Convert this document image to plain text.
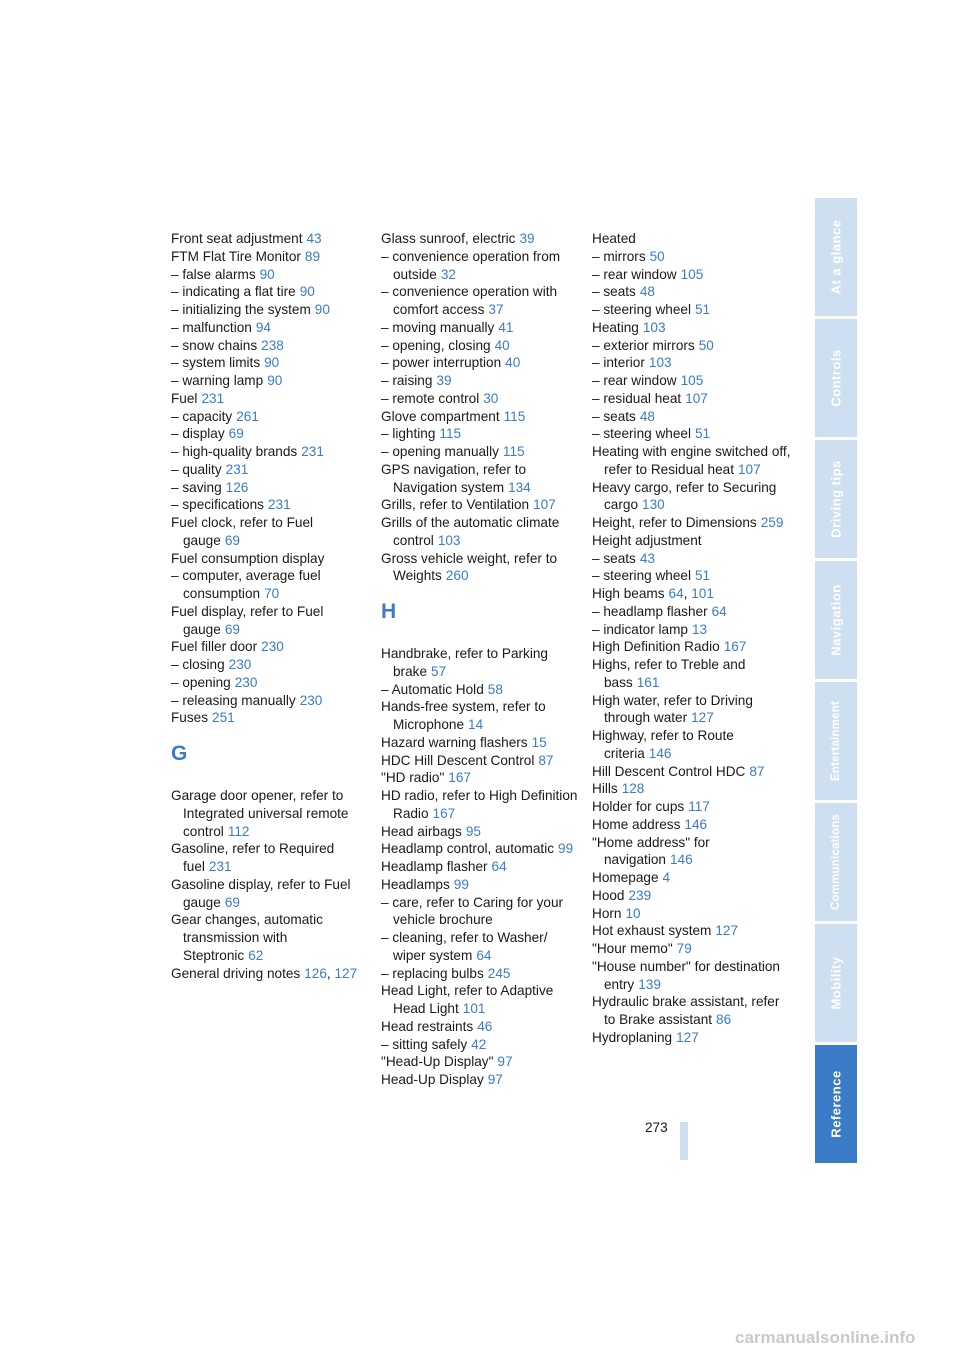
Front seat adjustment 43
FTM Flat Tire Monitor 89
– false alarms 90
– indicating a flat tire 90
– initializing the system 90
– malfunction 94
– snow chains 238
– system limits 90
– warning lamp 90
Fuel 231
– capacity 261
– display 69
– high-quality brands 231
– quality 231
– saving 126
– specifications 231
Fuel clock, refer to Fuel gauge 69
Fuel consumption display
– computer, average fuel consumption 70
Fuel display, refer to Fuel gauge 69
Fuel filler door 230
– closing 230
– opening 230
– releasing manually 230
Fuses 251
G
Garage door opener, refer to Integrated universal remote control 112
Gasoline, refer to Required fuel 231
Gasoline display, refer to Fuel gauge 69
Gear changes, automatic transmission with Steptronic 62
General driving notes 126, 127
Glass sunroof, electric 39
– convenience operation from outside 32
– convenience operation with comfort access 37
– moving manually 41
– opening, closing 40
– power interruption 40
– raising 39
– remote control 30
Glove compartment 115
– lighting 115
– opening manually 115
GPS navigation, refer to Navigation system 134
Grills, refer to Ventilation 107
Grills of the automatic climate control 103
Gross vehicle weight, refer to Weights 260
H
Handbrake, refer to Parking brake 57
– Automatic Hold 58
Hands-free system, refer to Microphone 14
Hazard warning flashers 15
HDC Hill Descent Control 87
"HD radio" 167
HD radio, refer to High Definition Radio 167
Head airbags 95
Headlamp control, automatic 99
Headlamp flasher 64
Headlamps 99
– care, refer to Caring for your vehicle brochure
– cleaning, refer to Washer/ wiper system 64
– replacing bulbs 245
Head Light, refer to Adaptive Head Light 101
Head restraints 46
– sitting safely 42
"Head-Up Display" 97
Head-Up Display 97
Heated
– mirrors 50
– rear window 105
– seats 48
– steering wheel 51
Heating 103
– exterior mirrors 50
– interior 103
– rear window 105
– residual heat 107
– seats 48
– steering wheel 51
Heating with engine switched off, refer to Residual heat 107
Heavy cargo, refer to Securing cargo 130
Height, refer to Dimensions 259
Height adjustment
– seats 43
– steering wheel 51
High beams 64, 101
– headlamp flasher 64
– indicator lamp 13
High Definition Radio 167
Highs, refer to Treble and bass 161
High water, refer to Driving through water 127
Highway, refer to Route criteria 146
Hill Descent Control HDC 87
Hills 128
Holder for cups 117
Home address 146
"Home address" for navigation 146
Homepage 4
Hood 239
Horn 10
Hot exhaust system 127
"Hour memo" 79
"House number" for destination entry 139
Hydraulic brake assistant, refer to Brake assistant 86
Hydroplaning 127
At a glance
Controls
Driving tips
Navigation
Entertainment
Communications
Mobility
Reference
273
carmanualsonline.info
